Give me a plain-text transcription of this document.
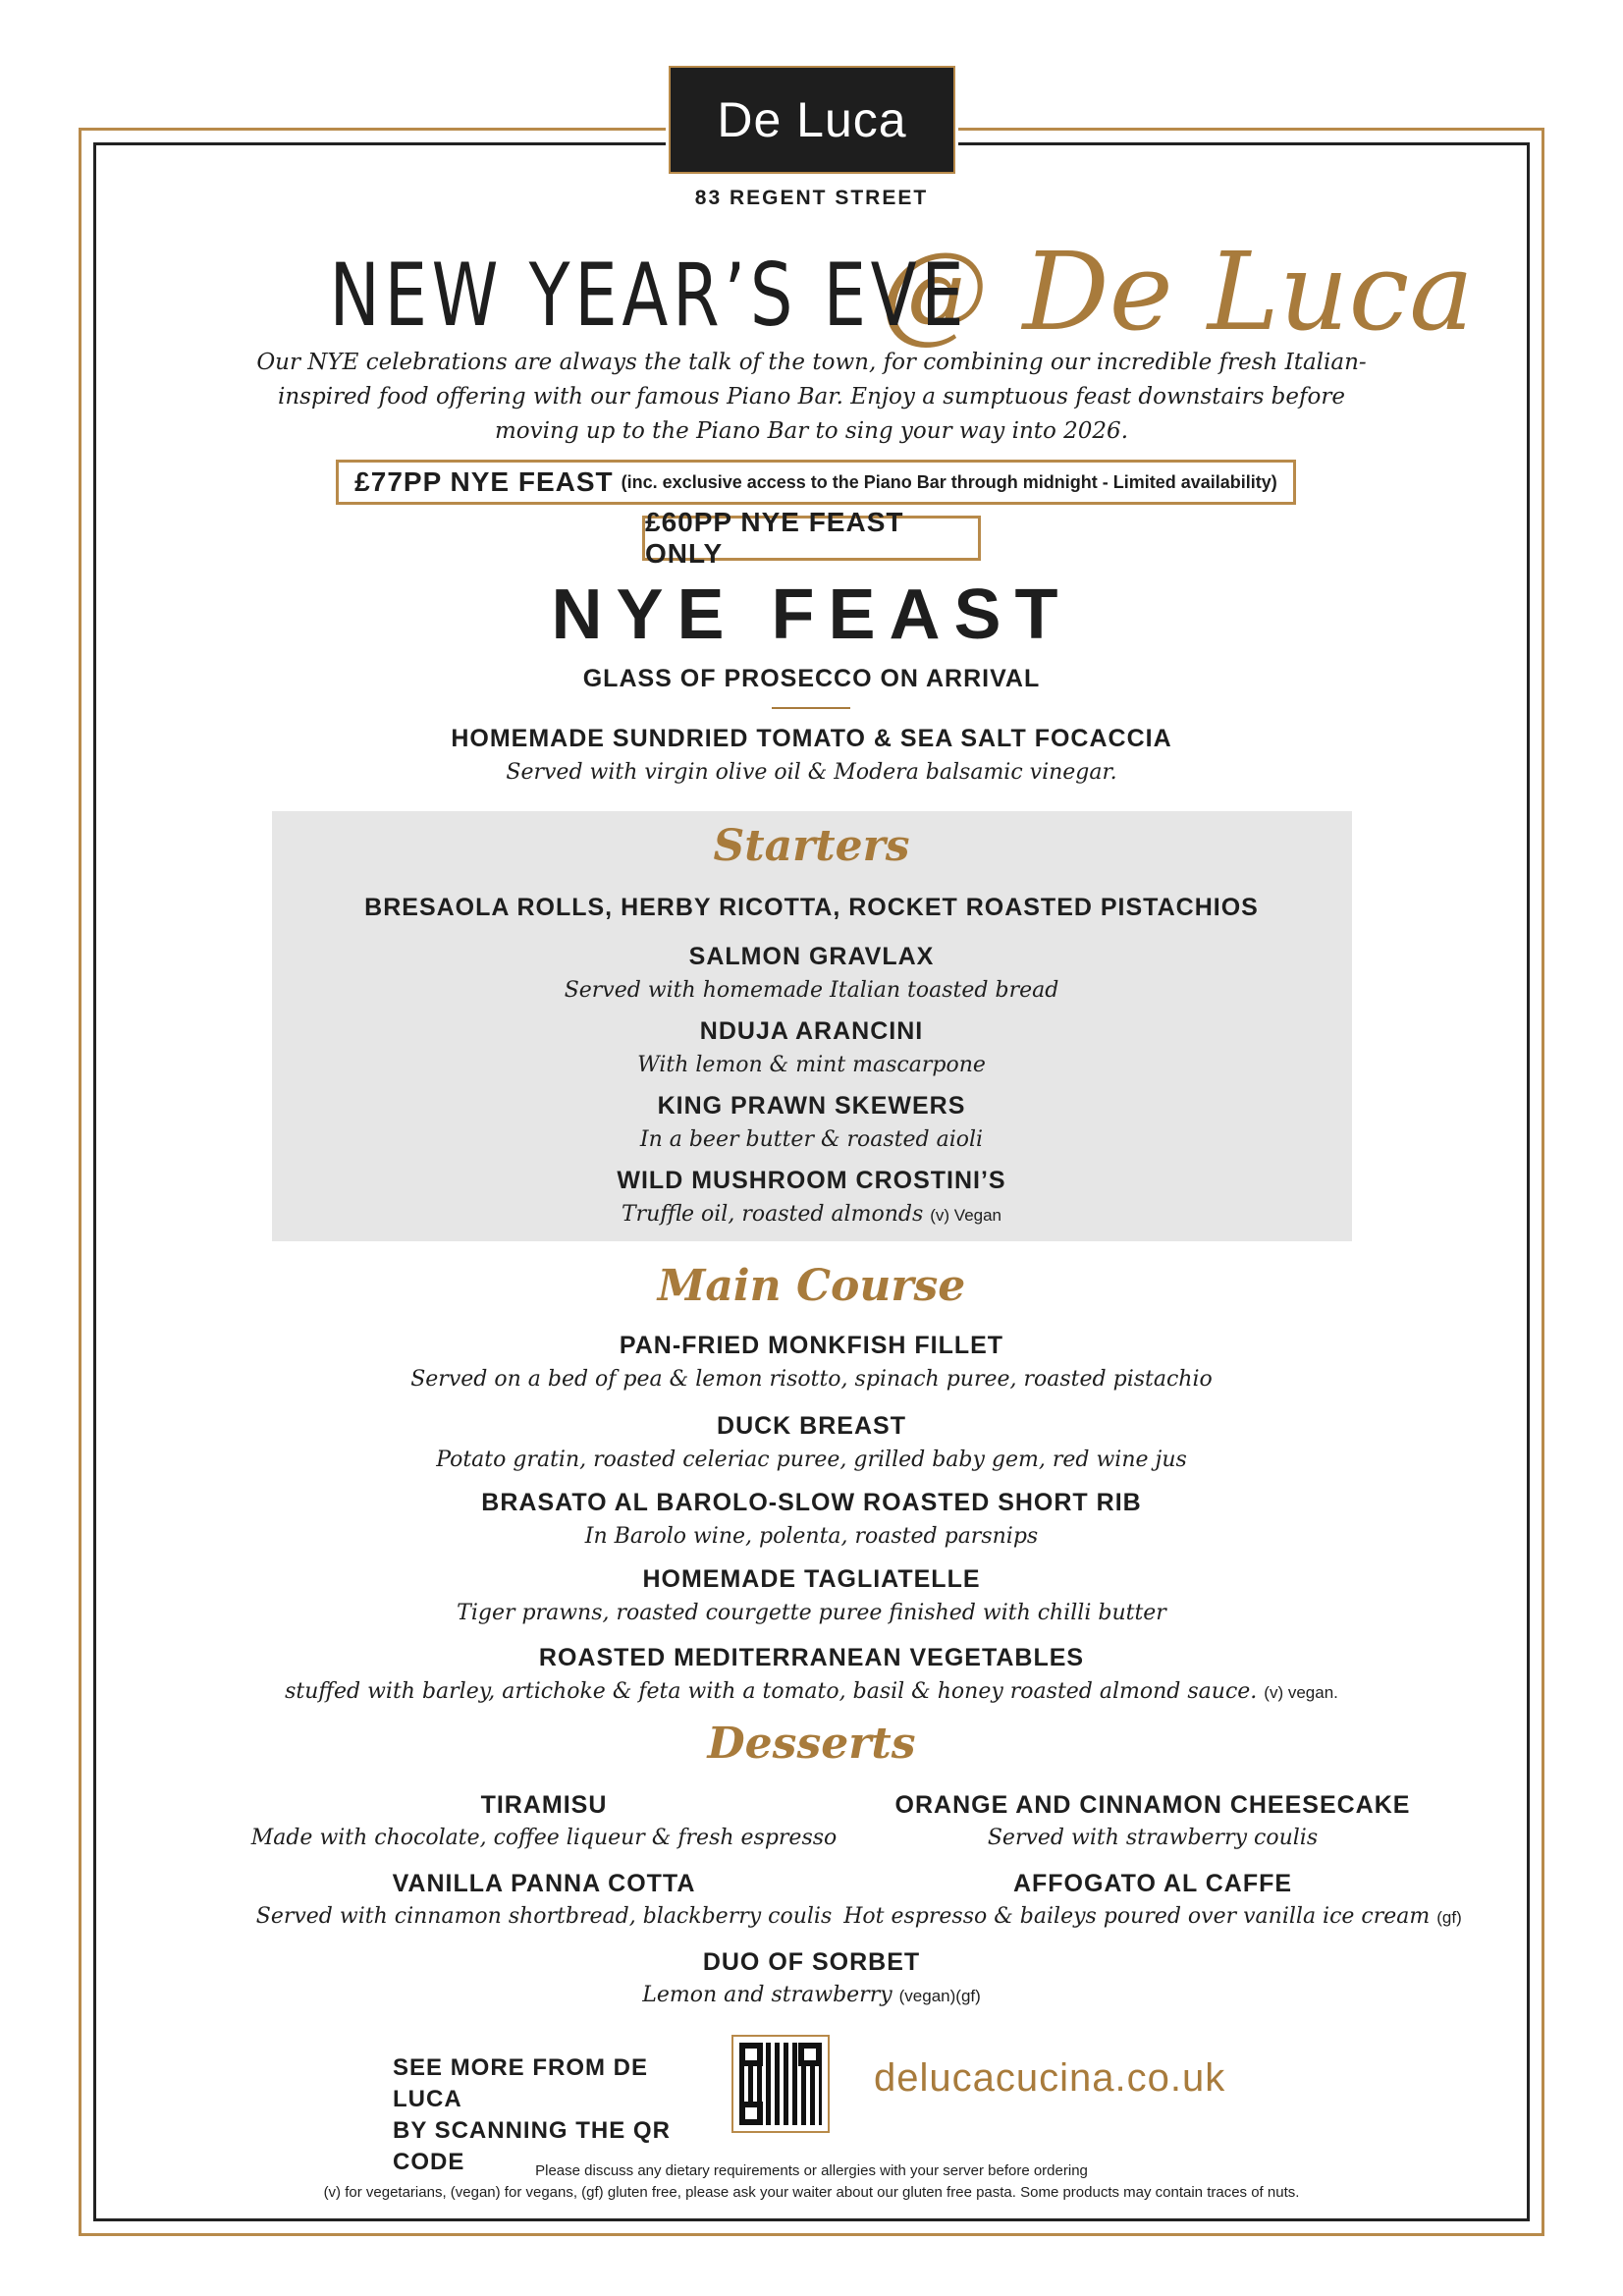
De Luca
83 REGENT STREET
NEW YEAR’S EVE
@ De Luca
Our NYE celebrations are always the talk of the town, for combining our incredible fresh Italian-inspired food offering with our famous Piano Bar. Enjoy a sumptuous feast downstairs before moving up to the Piano Bar to sing your way into 2026.
£77PP NYE FEAST (inc. exclusive access to the Piano Bar through midnight - Limited availability)
£60PP NYE FEAST ONLY
NYE FEAST
GLASS OF PROSECCO ON ARRIVAL
HOMEMADE SUNDRIED TOMATO & SEA SALT FOCACCIA
Served with virgin olive oil & Modera balsamic vinegar.
Starters
BRESAOLA ROLLS, HERBY RICOTTA, ROCKET ROASTED PISTACHIOS
SALMON GRAVLAX
Served with homemade Italian toasted bread
NDUJA ARANCINI
With lemon & mint mascarpone
KING PRAWN SKEWERS
In a beer butter & roasted aioli
WILD MUSHROOM CROSTINI’S
Truffle oil, roasted almonds (v) Vegan
Main Course
PAN-FRIED MONKFISH FILLET
Served on a bed of pea & lemon risotto, spinach puree, roasted pistachio
DUCK BREAST
Potato gratin, roasted celeriac puree, grilled baby gem, red wine jus
BRASATO AL BAROLO-SLOW ROASTED SHORT RIB
In Barolo wine, polenta, roasted parsnips
HOMEMADE TAGLIATELLE
Tiger prawns, roasted courgette puree finished with chilli butter
ROASTED MEDITERRANEAN VEGETABLES
stuffed with barley, artichoke & feta with a tomato, basil & honey roasted almond sauce. (v) vegan.
Desserts
TIRAMISU
Made with chocolate, coffee liqueur & fresh espresso
ORANGE AND CINNAMON CHEESECAKE
Served with strawberry coulis
VANILLA PANNA COTTA
Served with cinnamon shortbread, blackberry coulis
AFFOGATO AL CAFFE
Hot espresso & baileys poured over vanilla ice cream (gf)
DUO OF SORBET
Lemon and strawberry (vegan)(gf)
SEE MORE FROM DE LUCA
BY SCANNING THE QR CODE
delucacucina.co.uk
Please discuss any dietary requirements or allergies with your server before ordering
(v) for vegetarians, (vegan) for vegans, (gf) gluten free, please ask your waiter about our gluten free pasta. Some products may contain traces of nuts.
